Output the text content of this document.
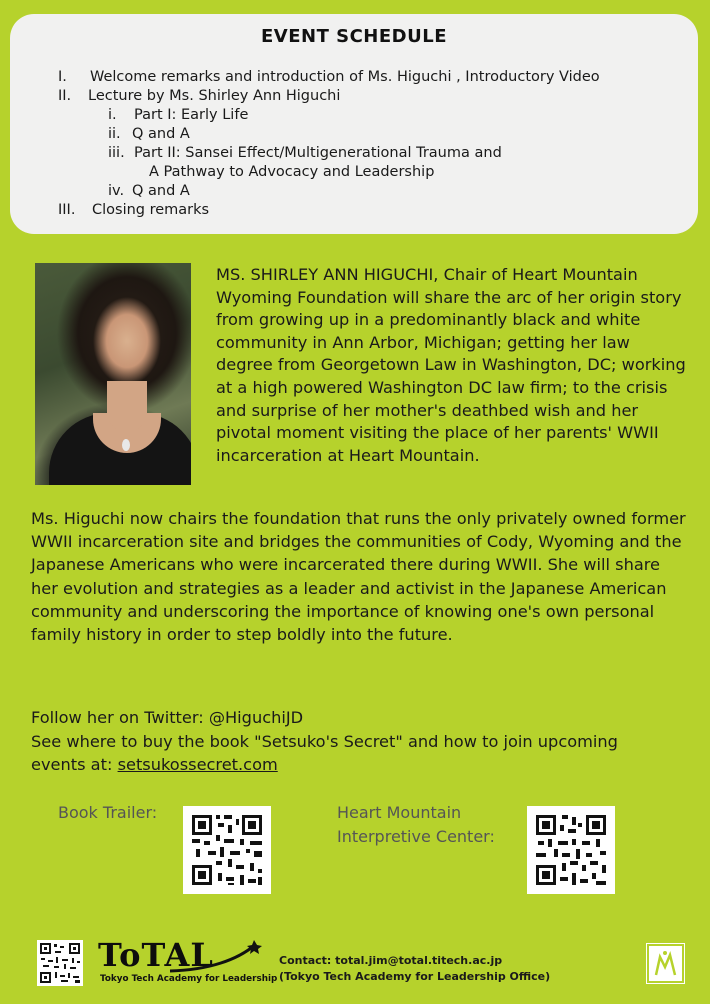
EVENT SCHEDULE
I. Welcome remarks and introduction of Ms. Higuchi , Introductory Video
II. Lecture by Ms. Shirley Ann Higuchi
i. Part I: Early Life
ii. Q and A
iii. Part II: Sansei Effect/Multigenerational Trauma and
A Pathway to Advocacy and Leadership
iv. Q and A
III. Closing remarks
MS. SHIRLEY ANN HIGUCHI, Chair of Heart Mountain Wyoming Foundation will share the arc of her origin story from growing up in a predominantly black and white community in Ann Arbor, Michigan; getting her law degree from Georgetown Law in Washington, DC; working at a high powered Washington DC law firm; to the crisis and surprise of her mother's deathbed wish and her pivotal moment visiting the place of her parents' WWII incarceration at Heart Mountain.
Ms. Higuchi now chairs the foundation that runs the only privately owned former WWII incarceration site and bridges the communities of Cody, Wyoming and the Japanese Americans who were incarcerated there during WWII. She will share her evolution and strategies as a leader and activist in the Japanese American community and underscoring the importance of knowing one's own personal family history in order to step boldly into the future.
Follow her on Twitter: @HiguchiJD
See where to buy the book "Setsuko's Secret" and how to join upcoming
events at: setsukossecret.com
Book Trailer:	Heart Mountain
Interpretive Center:
ToTAL
Tokyo Tech Academy for Leadership
Contact: total.jim@total.titech.ac.jp
(Tokyo Tech Academy for Leadership Office)
